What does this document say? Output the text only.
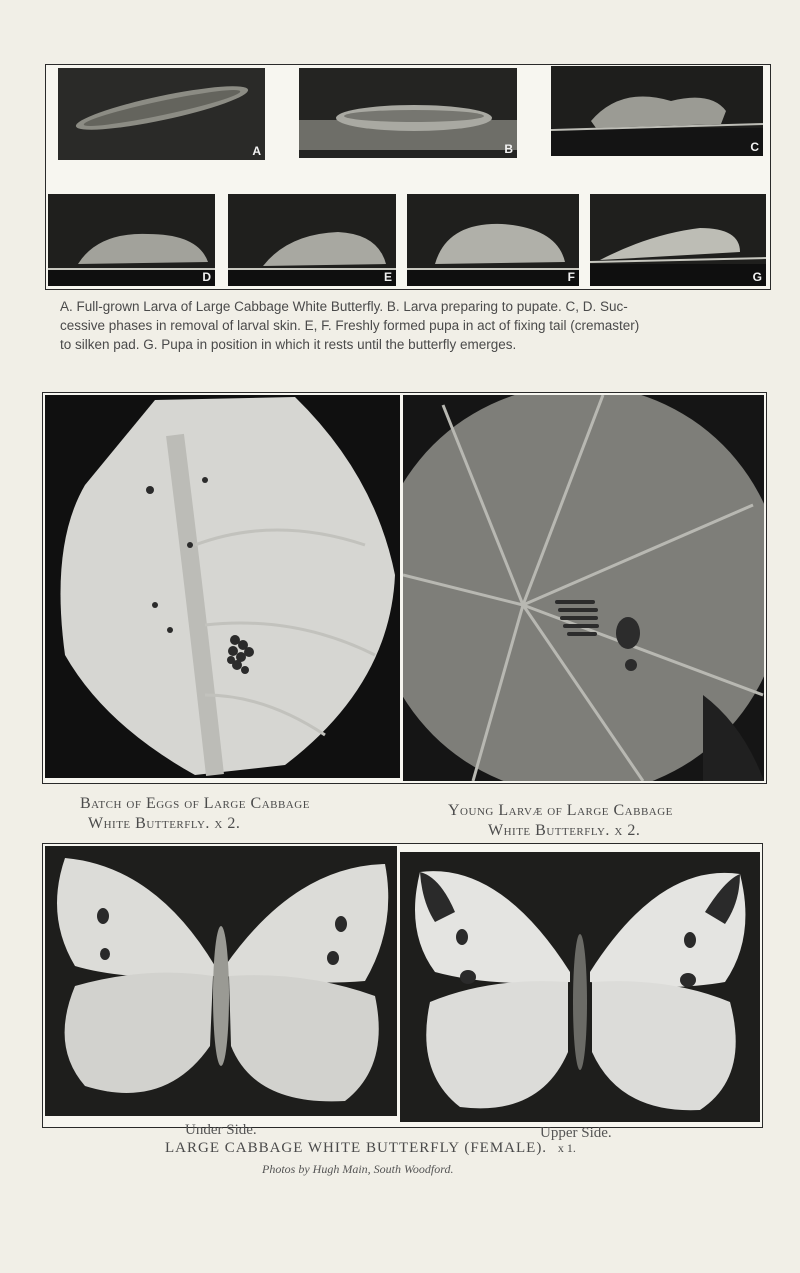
A	B	C
D	E	F	G
A. Full-grown Larva of Large Cabbage White Butterfly. B. Larva preparing to pupate. C, D. Suc-
cessive phases in removal of larval skin. E, F. Freshly formed pupa in act of fixing tail (cremaster)
to silken pad. G. Pupa in position in which it rests until the butterfly emerges.
Batch of Eggs of Large Cabbage
White Butterfly. x 2.
Young Larvæ of Large Cabbage
White Butterfly. x 2.
Under Side.	Upper Side.
LARGE CABBAGE WHITE BUTTERFLY (FEMALE). x 1.
Photos by Hugh Main, South Woodford.
